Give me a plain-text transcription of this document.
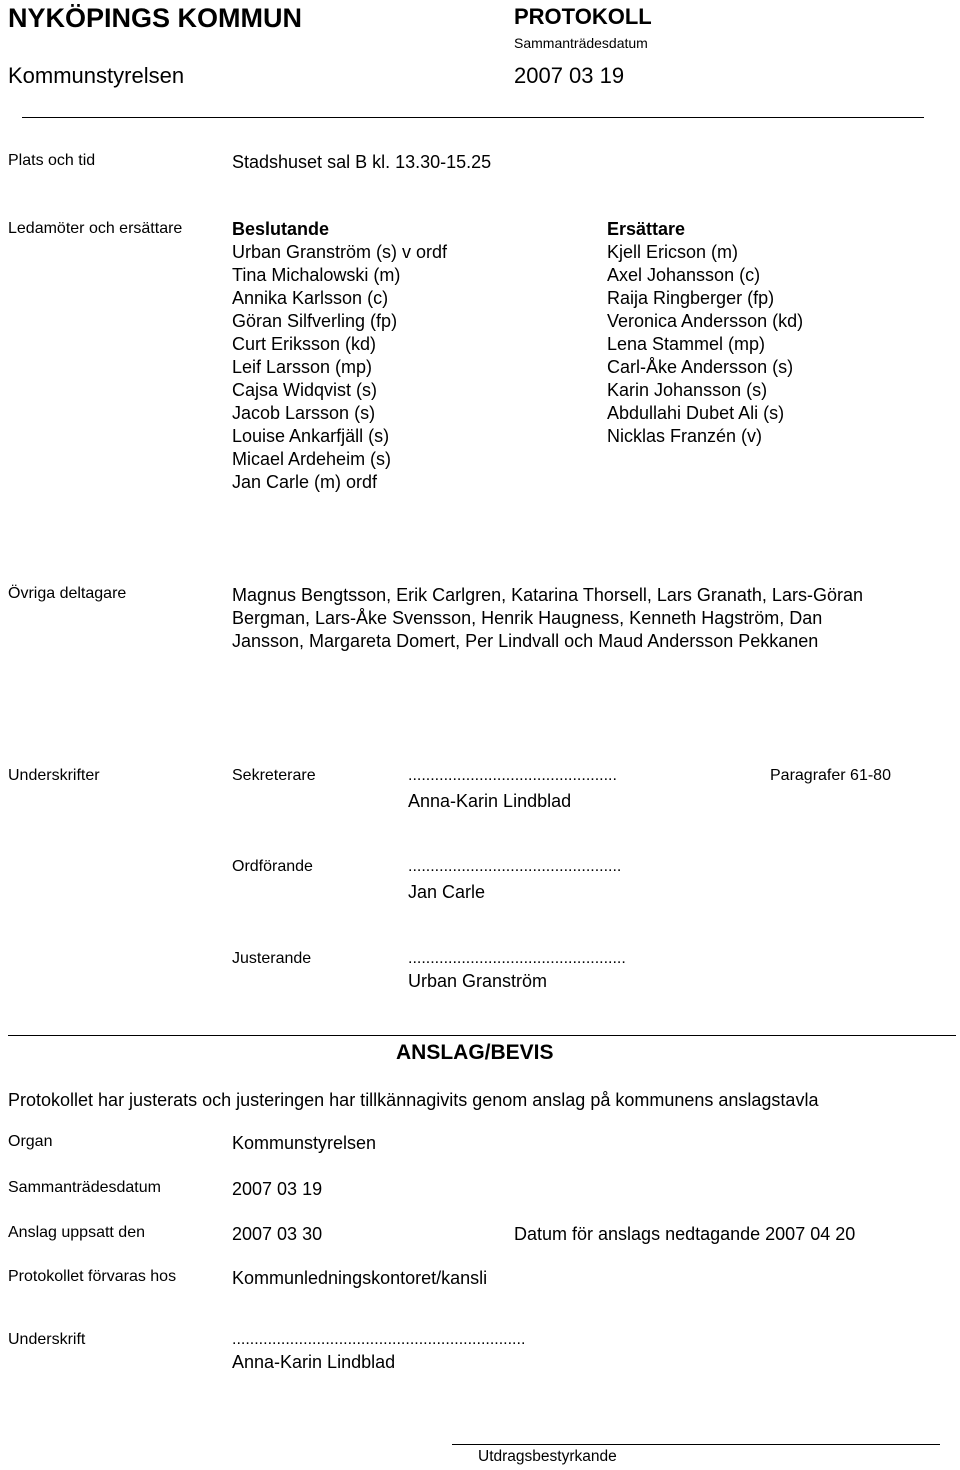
NYKÖPINGS KOMMUN	PROTOKOLL
Sammanträdesdatum
Kommunstyrelsen	2007 03 19
Plats och tid	Stadshuset sal B kl. 13.30-15.25
Ledamöter och ersättare	Beslutande
Urban Granström (s) v ordf
Tina Michalowski (m)
Annika Karlsson (c)
Göran Silfverling (fp)
Curt Eriksson (kd)
Leif Larsson (mp)
Cajsa Widqvist (s)
Jacob Larsson (s)
Louise Ankarfjäll (s)
Micael Ardeheim (s)
Jan Carle (m) ordf
Ersättare
Kjell Ericson (m)
Axel Johansson (c)
Raija Ringberger (fp)
Veronica Andersson (kd)
Lena Stammel (mp)
Carl-Åke Andersson (s)
Karin Johansson (s)
Abdullahi Dubet Ali (s)
Nicklas Franzén (v)
Övriga deltagare	Magnus Bengtsson, Erik Carlgren, Katarina Thorsell, Lars Granath, Lars-Göran
Bergman, Lars-Åke Svensson, Henrik Haugness, Kenneth Hagström, Dan
Jansson, Margareta Domert, Per Lindvall och Maud Andersson Pekkanen
Underskrifter	Sekreterare	...............................................	Paragrafer 61-80
Anna-Karin Lindblad
Ordförande	................................................
Jan Carle
Justerande	.................................................
Urban Granström
ANSLAG/BEVIS
Protokollet har justerats och justeringen har tillkännagivits genom anslag på kommunens anslagstavla
Organ	Kommunstyrelsen
Sammanträdesdatum	2007 03 19
Anslag uppsatt den	2007 03 30	Datum för anslags nedtagande 2007 04 20
Protokollet förvaras hos	Kommunledningskontoret/kansli
Underskrift	..................................................................
Anna-Karin Lindblad
Utdragsbestyrkande
